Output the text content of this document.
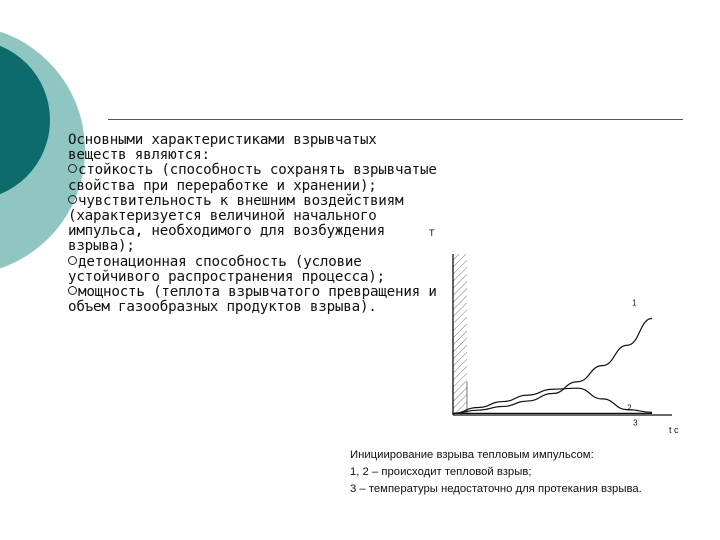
Основными характеристиками взрывчатых веществ являются:

стойкость (способность сохранять взрывчатые свойства при переработке и хранении);

чувствительность к внешним воздействиям (характеризуется величиной начального импульса, необходимого для возбуждения взрыва);

детонационная способность (условие устойчивого распространения процесса);

мощность (теплота взрывчатого превращения и объем газообразных продуктов взрыва).

T
t c
1
2
3
Инициирование взрыва тепловым импульсом:
1, 2 – происходит тепловой взрыв;
3 – температуры недостаточно для протекания взрыва.
